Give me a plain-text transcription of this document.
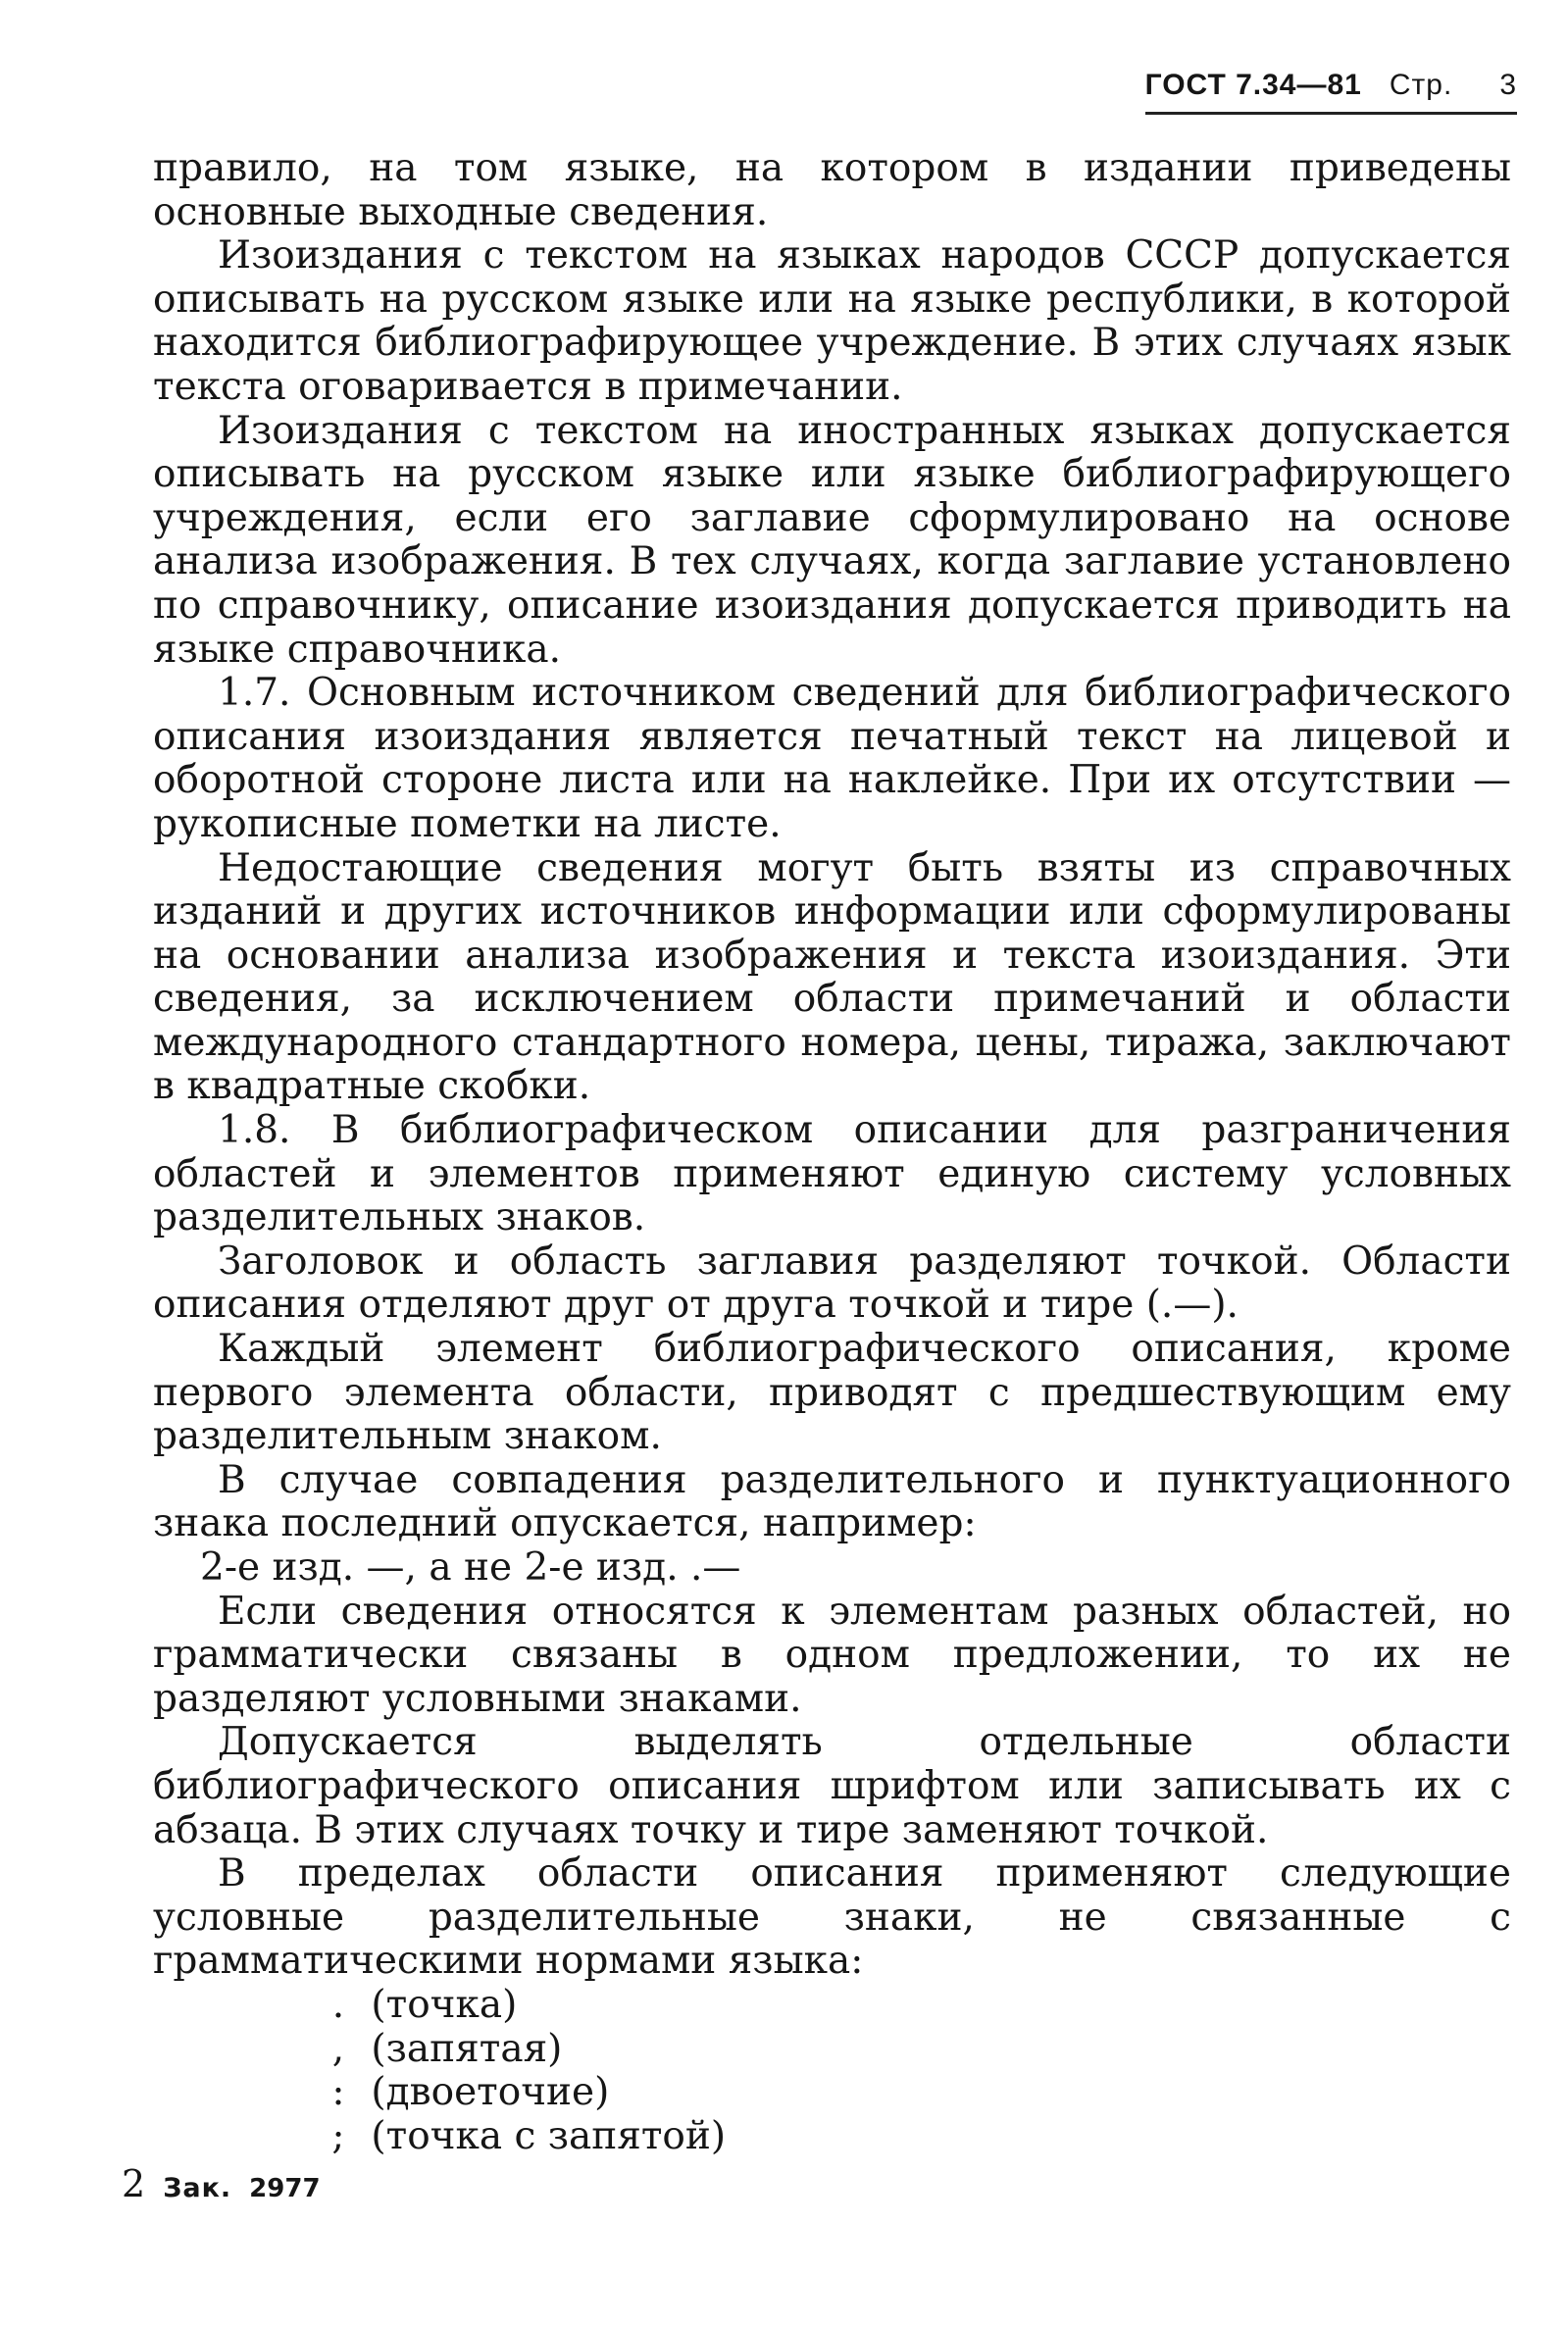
ГОСТ 7.34—81 Стр. 3

правило, на том языке, на котором в издании приведены основные выходные сведения.

Изоиздания с текстом на языках народов СССР допускается описывать на русском языке или на языке республики, в которой находится библиографирующее учреждение. В этих случаях язык текста оговаривается в примечании.

Изоиздания с текстом на иностранных языках допускается описывать на русском языке или языке библиографирующего учреждения, если его заглавие сформулировано на основе анализа изображения. В тех случаях, когда заглавие установлено по справочнику, описание изоиздания допускается приводить на языке справочника.

1.7. Основным источником сведений для библиографического описания изоиздания является печатный текст на лицевой и оборотной стороне листа или на наклейке. При их отсутствии — рукописные пометки на листе.

Недостающие сведения могут быть взяты из справочных изданий и других источников информации или сформулированы на основании анализа изображения и текста изоиздания. Эти сведения, за исключением области примечаний и области международного стандартного номера, цены, тиража, заключают в квадратные скобки.

1.8. В библиографическом описании для разграничения областей и элементов применяют единую систему условных разделительных знаков.

Заголовок и область заглавия разделяют точкой. Области описания отделяют друг от друга точкой и тире (.—).

Каждый элемент библиографического описания, кроме первого элемента области, приводят с предшествующим ему разделительным знаком.

В случае совпадения разделительного и пунктуационного знака последний опускается, например:

2-е изд. —, а не 2-е изд. .—

Если сведения относятся к элементам разных областей, но грамматически связаны в одном предложении, то их не разделяют условными знаками.

Допускается выделять отдельные области библиографического описания шрифтом или записывать их с абзаца. В этих случаях точку и тире заменяют точкой.

В пределах области описания применяют следующие условные разделительные знаки, не связанные с грамматическими нормами языка:

. (точка)
, (запятая)
: (двоеточие)
; (точка с запятой)
2 Зак. 2977
